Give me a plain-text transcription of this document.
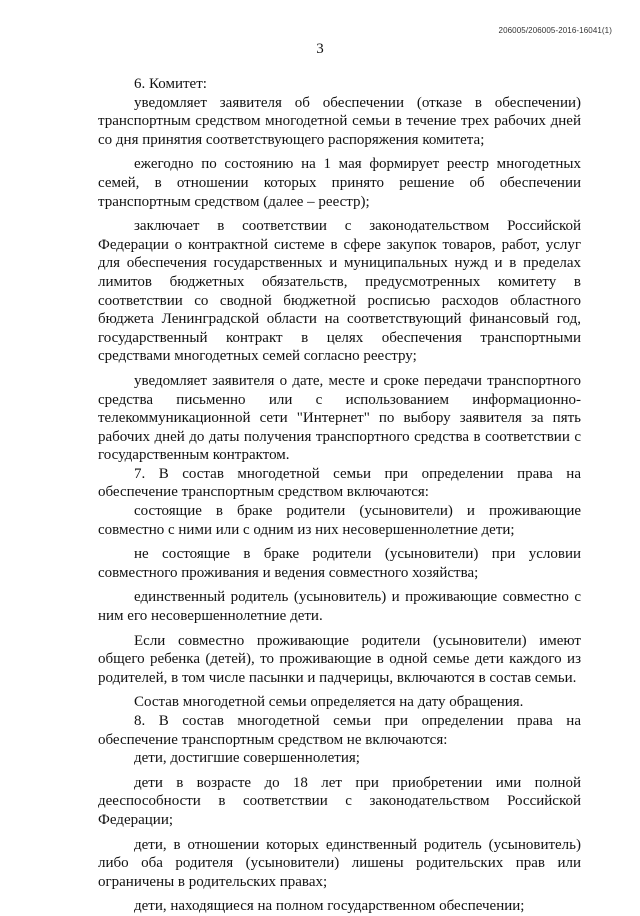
206005/206005-2016-16041(1)
3

6. Комитет:

уведомляет заявителя об обеспечении (отказе в обеспечении) транспортным средством многодетной семьи в течение трех рабочих дней со дня принятия соответствующего распоряжения комитета;

ежегодно по состоянию на 1 мая формирует реестр многодетных семей, в отношении которых принято решение об обеспечении транспортным средством (далее – реестр);

заключает в соответствии с законодательством Российской Федерации о контрактной системе в сфере закупок товаров, работ, услуг для обеспечения государственных и муниципальных нужд и в пределах лимитов бюджетных обязательств, предусмотренных комитету в соответствии со сводной бюджетной росписью расходов областного бюджета Ленинградской области на соответствующий финансовый год, государственный контракт в целях обеспечения транспортными средствами многодетных семей согласно реестру;

уведомляет заявителя о дате, месте и сроке передачи транспортного средства письменно или с использованием информационно-телекоммуникационной сети "Интернет" по выбору заявителя за пять рабочих дней до даты получения транспортного средства в соответствии с государственным контрактом.

7. В состав многодетной семьи при определении права на обеспечение транспортным средством включаются:

состоящие в браке родители (усыновители) и проживающие совместно с ними или с одним из них несовершеннолетние дети;

не состоящие в браке родители (усыновители) при условии совместного проживания и ведения совместного хозяйства;

единственный родитель (усыновитель) и проживающие совместно с ним его несовершеннолетние дети.

Если совместно проживающие родители (усыновители) имеют общего ребенка (детей), то проживающие в одной семье дети каждого из родителей, в том числе пасынки и падчерицы, включаются в состав семьи.

Состав многодетной семьи определяется на дату обращения.

8. В состав многодетной семьи при определении права на обеспечение транспортным средством не включаются:

дети, достигшие совершеннолетия;

дети в возрасте до 18 лет при приобретении ими полной дееспособности в соответствии с законодательством Российской Федерации;

дети, в отношении которых единственный родитель (усыновитель) либо оба родителя (усыновители) лишены родительских прав или ограничены в родительских правах;

дети, находящиеся на полном государственном обеспечении;
